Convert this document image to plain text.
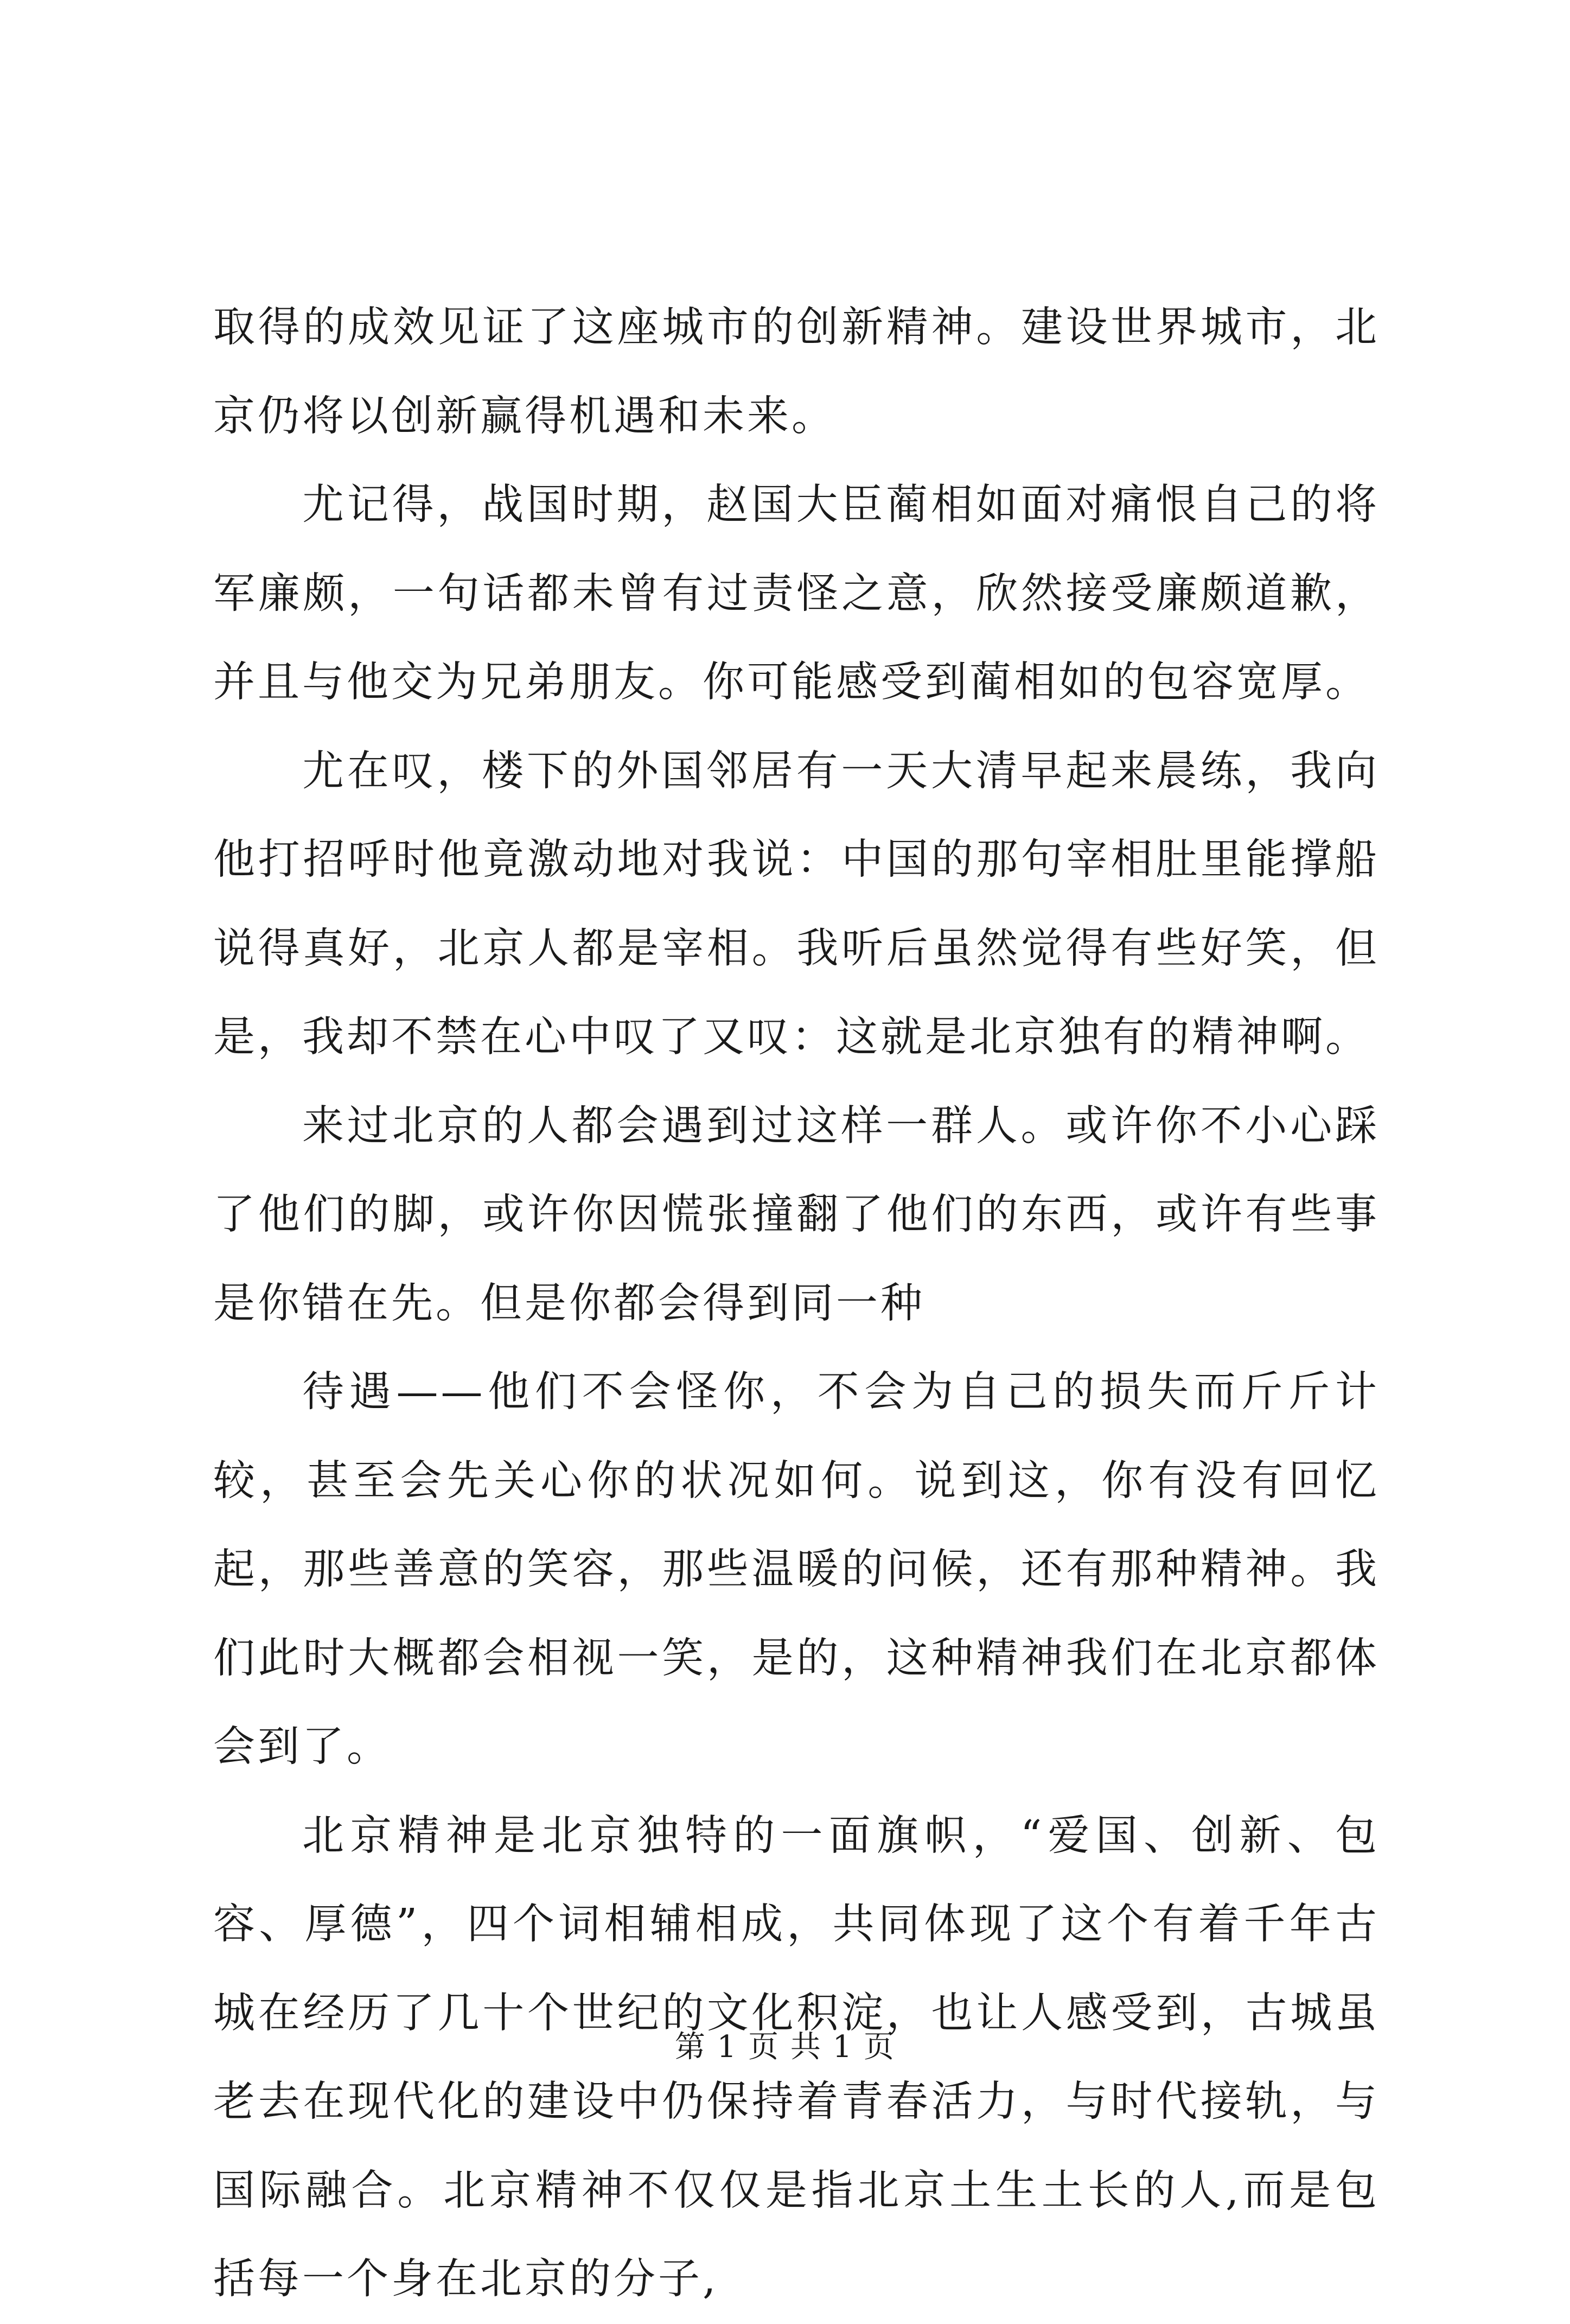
取得的成效见证了这座城市的创新精神。建设世界城市，北京仍将以创新赢得机遇和未来。

尤记得，战国时期，赵国大臣蔺相如面对痛恨自己的将军廉颇，一句话都未曾有过责怪之意，欣然接受廉颇道歉，并且与他交为兄弟朋友。你可能感受到蔺相如的包容宽厚。

尤在叹，楼下的外国邻居有一天大清早起来晨练，我向他打招呼时他竟激动地对我说：中国的那句宰相肚里能撑船说得真好，北京人都是宰相。我听后虽然觉得有些好笑，但是，我却不禁在心中叹了又叹：这就是北京独有的精神啊。

来过北京的人都会遇到过这样一群人。或许你不小心踩了他们的脚，或许你因慌张撞翻了他们的东西，或许有些事是你错在先。但是你都会得到同一种

待遇——他们不会怪你，不会为自己的损失而斤斤计较，甚至会先关心你的状况如何。说到这，你有没有回忆起，那些善意的笑容，那些温暖的问候，还有那种精神。我们此时大概都会相视一笑，是的，这种精神我们在北京都体会到了。

北京精神是北京独特的一面旗帜，“爱国、创新、包容、厚德”，四个词相辅相成，共同体现了这个有着千年古城在经历了几十个世纪的文化积淀，也让人感受到，古城虽老去在现代化的建设中仍保持着青春活力，与时代接轨，与国际融合。北京精神不仅仅是指北京土生土长的人,而是包括每一个身在北京的分子,

第 1 页 共 1 页
